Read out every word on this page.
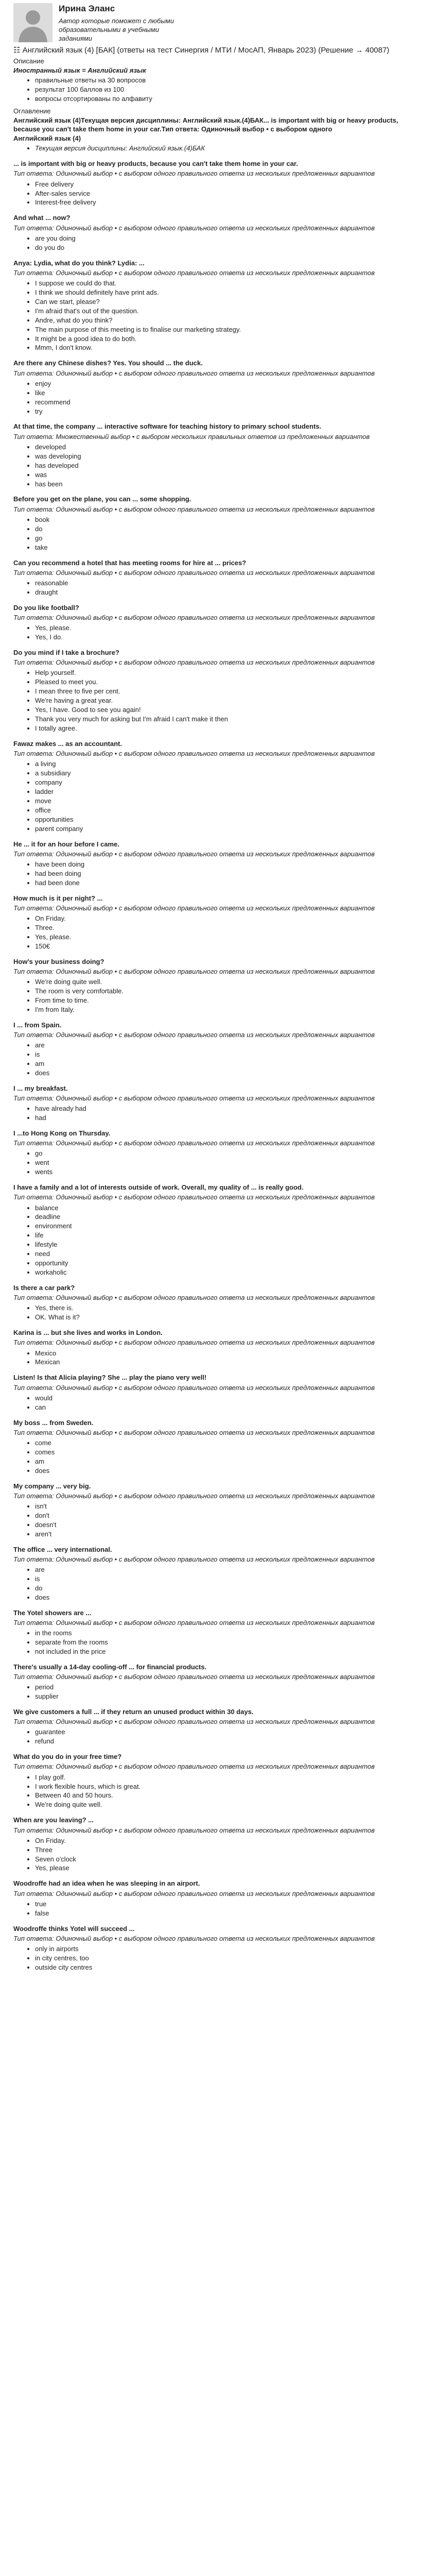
Ирина Эланс
Автор которые поможет с любыми образовательными в учебными заданиями
☷ Английский язык (4) [БАК] (ответы на тест Синергия / МТИ / МосАП, Январь 2023) (Решение → 40087)
Описание
Иностранный язык = Английский язык
• правильные ответы на 30 вопросов
• результат 100 баллов из 100
• вопросы отсортированы по алфавиту
Оглавление
Английский язык (4)Текущая версия дисциплины: Английский язык.(4)БАК... is important with big or heavy products, because you can't take them home in your car.Тип ответа: Одиночный выбор • с выбором одного
Английский язык (4)
• Текущая версия дисциплины: Английский язык.(4)БАК
... is important with big or heavy products, because you can't take them home in your car.
Тип ответа: Одиночный выбор • с выбором одного правильного ответа из нескольких предложенных вариантов
• Free delivery
• After-sales service
• Interest-free delivery
And what ... now?
Тип ответа: Одиночный выбор • с выбором одного правильного ответа из нескольких предложенных вариантов
• are you doing
• do you do
Anya: Lydia, what do you think? Lydia: ...
Тип ответа: Одиночный выбор • с выбором одного правильного ответа из нескольких предложенных вариантов
• I suppose we could do that.
• I think we should definitely have print ads.
• Can we start, please?
• I'm afraid that's out of the question.
• Andre, what do you think?
• The main purpose of this meeting is to finalise our marketing strategy.
• It might be a good idea to do both.
• Mmm, I don't know.
Are there any Chinese dishes? Yes. You should ... the duck.
Тип ответа: Одиночный выбор • с выбором одного правильного ответа из нескольких предложенных вариантов
• enjoy
• like
• recommend
• try
At that time, the company ... interactive software for teaching history to primary school students.
Тип ответа: Множественный выбор • с выбором нескольких правильных ответов из предложенных вариантов
• developed
• was developing
• has developed
• was
• has been
Before you get on the plane, you can ... some shopping.
Тип ответа: Одиночный выбор • с выбором одного правильного ответа из нескольких предложенных вариантов
• book
• do
• go
• take
Can you recommend a hotel that has meeting rooms for hire at ... prices?
Тип ответа: Одиночный выбор • с выбором одного правильного ответа из нескольких предложенных вариантов
• reasonable
• draught
Do you like football?
Тип ответа: Одиночный выбор • с выбором одного правильного ответа из нескольких предложенных вариантов
• Yes, please.
• Yes, I do.
Do you mind if I take a brochure?
Тип ответа: Одиночный выбор • с выбором одного правильного ответа из нескольких предложенных вариантов
• Help yourself.
• Pleased to meet you.
• I mean three to five per cent.
• We're having a great year.
• Yes, I have. Good to see you again!
• Thank you very much for asking but I'm afraid I can't make it then
• I totally agree.
Fawaz makes ... as an accountant.
Тип ответа: Одиночный выбор • с выбором одного правильного ответа из нескольких предложенных вариантов
• a living
• a subsidiary
• company
• ladder
• move
• office
• opportunities
• parent company
He ... it for an hour before I came.
Тип ответа: Одиночный выбор • с выбором одного правильного ответа из нескольких предложенных вариантов
• have been doing
• had been doing
• had been done
How much is it per night? ...
Тип ответа: Одиночный выбор • с выбором одного правильного ответа из нескольких предложенных вариантов
• On Friday.
• Three.
• Yes, please.
• 150€
How's your business doing?
Тип ответа: Одиночный выбор • с выбором одного правильного ответа из нескольких предложенных вариантов
• We're doing quite well.
• The room is very comfortable.
• From time to time.
• I'm from Italy.
I ... from Spain.
Тип ответа: Одиночный выбор • с выбором одного правильного ответа из нескольких предложенных вариантов
• are
• is
• am
• does
I ... my breakfast.
Тип ответа: Одиночный выбор • с выбором одного правильного ответа из нескольких предложенных вариантов
• have already had
• had
I ...to Hong Kong on Thursday.
Тип ответа: Одиночный выбор • с выбором одного правильного ответа из нескольких предложенных вариантов
• go
• went
• wents
I have a family and a lot of interests outside of work. Overall, my quality of ... is really good.
Тип ответа: Одиночный выбор • с выбором одного правильного ответа из нескольких предложенных вариантов
• balance
• deadline
• environment
• life
• lifestyle
• need
• opportunity
• workaholic
Is there a car park?
Тип ответа: Одиночный выбор • с выбором одного правильного ответа из нескольких предложенных вариантов
• Yes, there is.
• OK. What is it?
Karina is ... but she lives and works in London.
Тип ответа: Одиночный выбор • с выбором одного правильного ответа из нескольких предложенных вариантов
• Mexico
• Mexican
Listen! Is that Alicia playing? She ... play the piano very well!
Тип ответа: Одиночный выбор • с выбором одного правильного ответа из нескольких предложенных вариантов
• would
• can
My boss ... from Sweden.
Тип ответа: Одиночный выбор • с выбором одного правильного ответа из нескольких предложенных вариантов
• come
• comes
• am
• does
My company ... very big.
Тип ответа: Одиночный выбор • с выбором одного правильного ответа из нескольких предложенных вариантов
• isn't
• don't
• doesn't
• aren't
The office ... very international.
Тип ответа: Одиночный выбор • с выбором одного правильного ответа из нескольких предложенных вариантов
• are
• is
• do
• does
The Yotel showers are ...
Тип ответа: Одиночный выбор • с выбором одного правильного ответа из нескольких предложенных вариантов
• in the rooms
• separate from the rooms
• not included in the price
There's usually a 14-day cooling-off ... for financial products.
Тип ответа: Одиночный выбор • с выбором одного правильного ответа из нескольких предложенных вариантов
• period
• supplier
We give customers a full ... if they return an unused product within 30 days.
Тип ответа: Одиночный выбор • с выбором одного правильного ответа из нескольких предложенных вариантов
• guarantee
• refund
What do you do in your free time?
Тип ответа: Одиночный выбор • с выбором одного правильного ответа из нескольких предложенных вариантов
• I play golf.
• I work flexible hours, which is great.
• Between 40 and 50 hours.
• We're doing quite well.
When are you leaving? ...
Тип ответа: Одиночный выбор • с выбором одного правильного ответа из нескольких предложенных вариантов
• On Friday.
• Three
• Seven o'clock
• Yes, please
Woodroffe had an idea when he was sleeping in an airport.
Тип ответа: Одиночный выбор • с выбором одного правильного ответа из нескольких предложенных вариантов
• true
• false
Woodroffe thinks Yotel will succeed ...
Тип ответа: Одиночный выбор • с выбором одного правильного ответа из нескольких предложенных вариантов
• only in airports
• in city centres, too
• outside city centres
